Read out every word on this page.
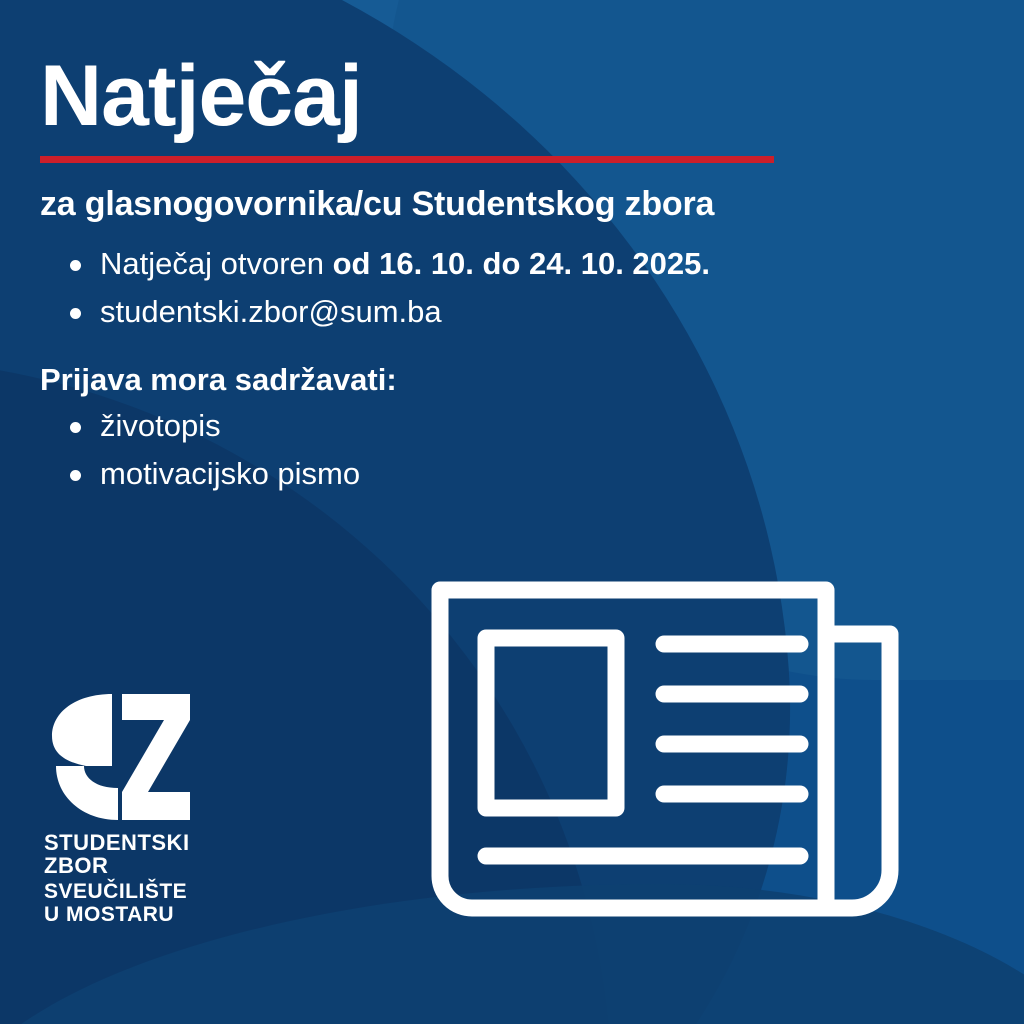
Natječaj
za glasnogovornika/cu Studentskog zbora
Natječaj otvoren od 16. 10. do 24. 10. 2025.
studentski.zbor@sum.ba
Prijava mora sadržavati:
životopis
motivacijsko pismo
STUDENTSKI
ZBOR
SVEUČILIŠTE
U MOSTARU
